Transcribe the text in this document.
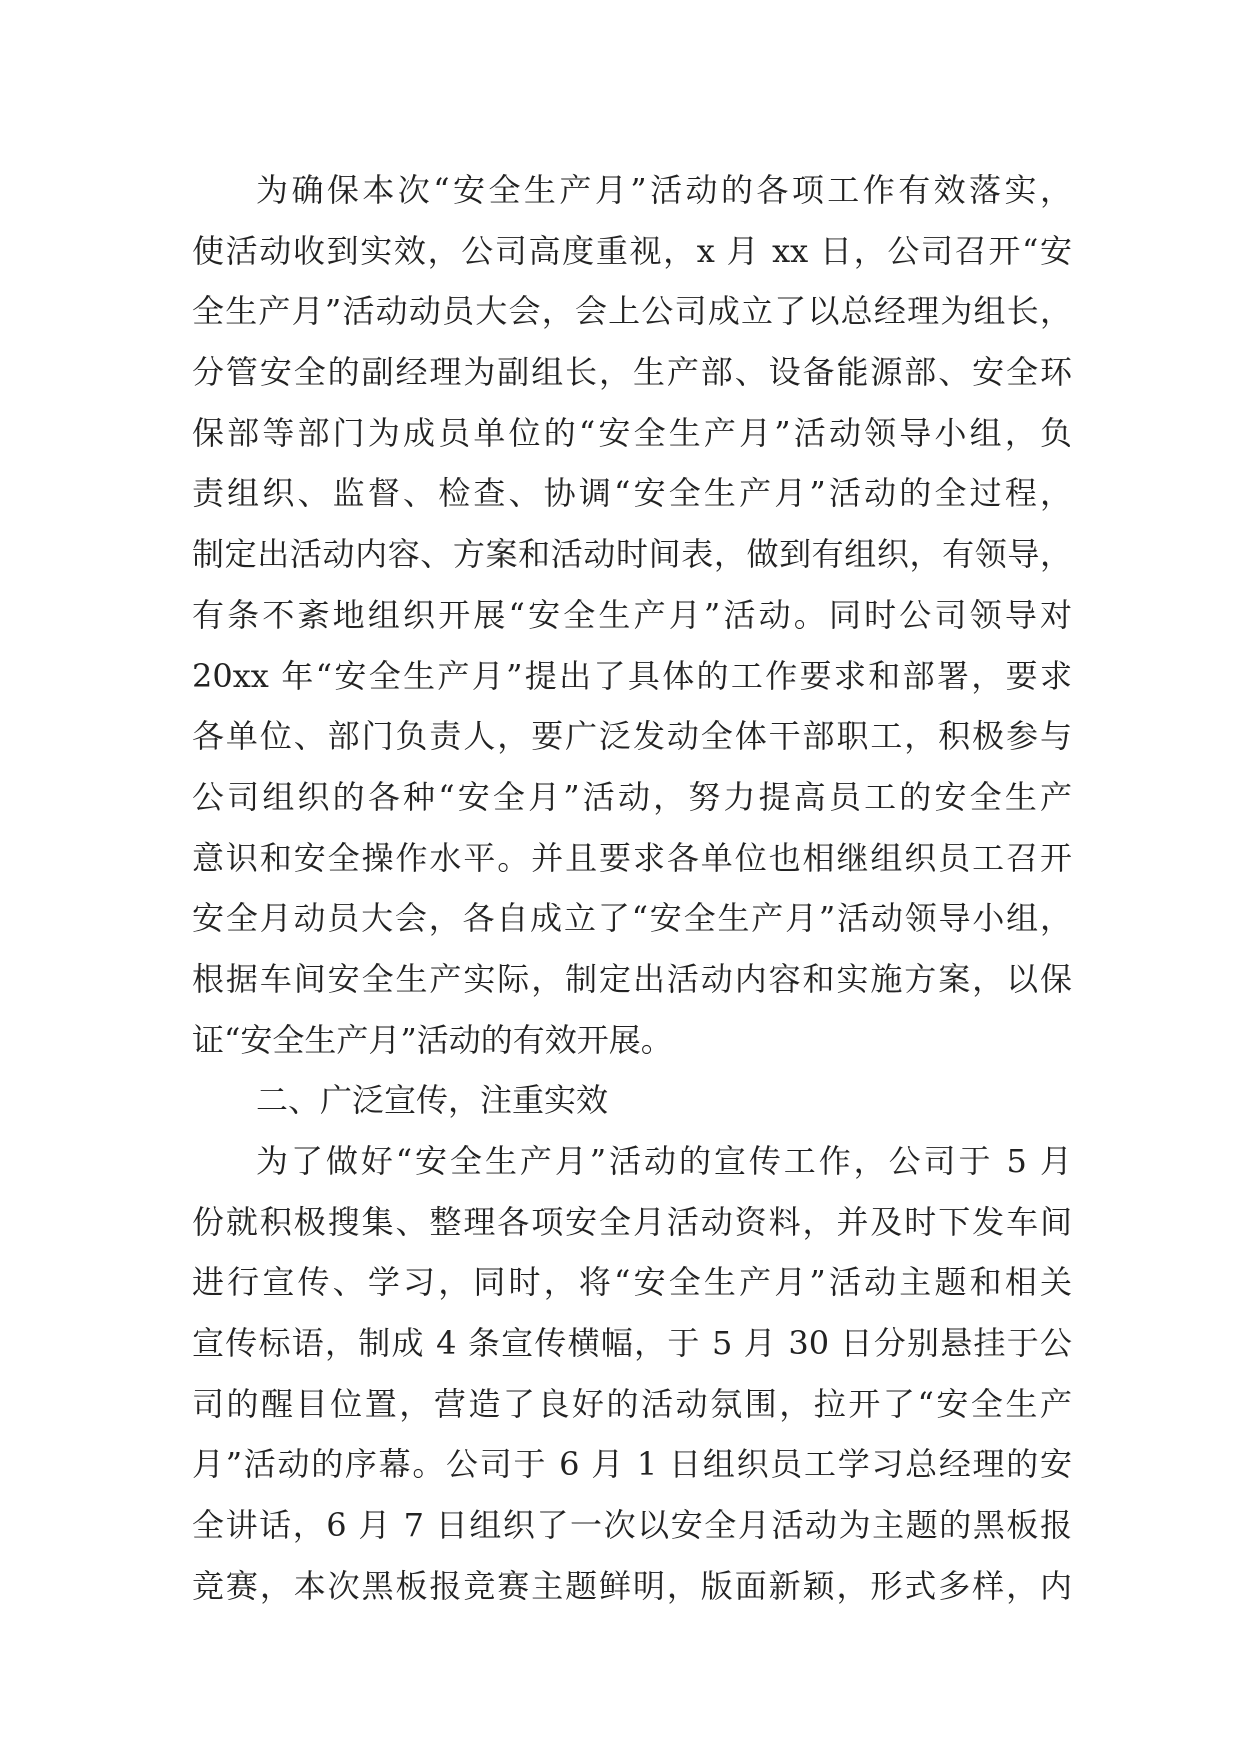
为确保本次“安全生产月”活动的各项工作有效落实，
使活动收到实效，公司高度重视，x 月 xx 日，公司召开“安
全生产月”活动动员大会，会上公司成立了以总经理为组长，
分管安全的副经理为副组长，生产部、设备能源部、安全环
保部等部门为成员单位的“安全生产月”活动领导小组，负
责组织、监督、检查、协调“安全生产月”活动的全过程，
制定出活动内容、方案和活动时间表，做到有组织，有领导，
有条不紊地组织开展“安全生产月”活动。同时公司领导对
20xx 年“安全生产月”提出了具体的工作要求和部署，要求
各单位、部门负责人，要广泛发动全体干部职工，积极参与
公司组织的各种“安全月”活动，努力提高员工的安全生产
意识和安全操作水平。并且要求各单位也相继组织员工召开
安全月动员大会，各自成立了“安全生产月”活动领导小组，
根据车间安全生产实际，制定出活动内容和实施方案，以保
证“安全生产月”活动的有效开展。
二、广泛宣传，注重实效
为了做好“安全生产月”活动的宣传工作，公司于 5 月
份就积极搜集、整理各项安全月活动资料，并及时下发车间
进行宣传、学习，同时，将“安全生产月”活动主题和相关
宣传标语，制成 4 条宣传横幅，于 5 月 30 日分别悬挂于公
司的醒目位置，营造了良好的活动氛围，拉开了“安全生产
月”活动的序幕。公司于 6 月 1 日组织员工学习总经理的安
全讲话，6 月 7 日组织了一次以安全月活动为主题的黑板报
竞赛，本次黑板报竞赛主题鲜明，版面新颖，形式多样，内
